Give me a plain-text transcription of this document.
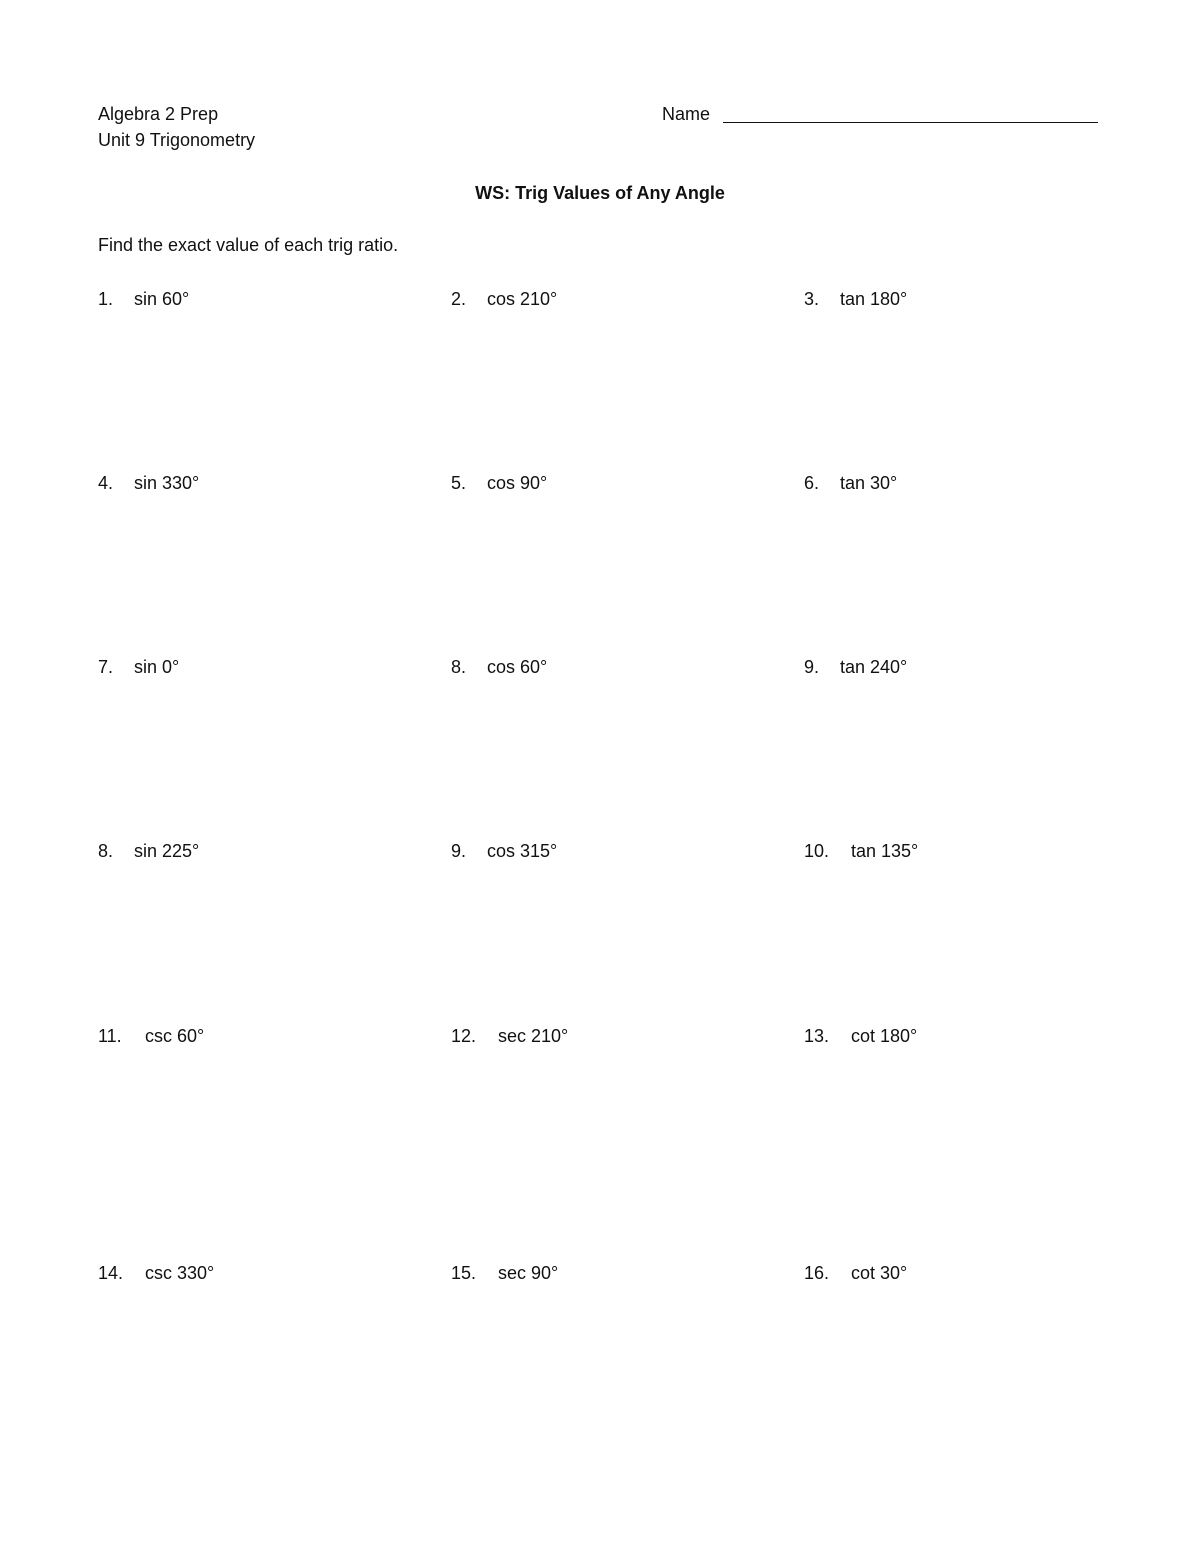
Algebra 2 Prep
Unit 9 Trigonometry
Name
WS: Trig Values of Any Angle
Find the exact value of each trig ratio.
1.	sin 60°	2.	cos 210°	3.	tan 180°
4.	sin 330°	5.	cos 90°	6.	tan 30°
7.	sin 0°	8.	cos 60°	9.	tan 240°
8.	sin 225°	9.	cos 315°	10.	tan 135°
11.	csc 60°	12.	sec 210°	13.	cot 180°
14.	csc 330°	15.	sec 90°	16.	cot 30°
